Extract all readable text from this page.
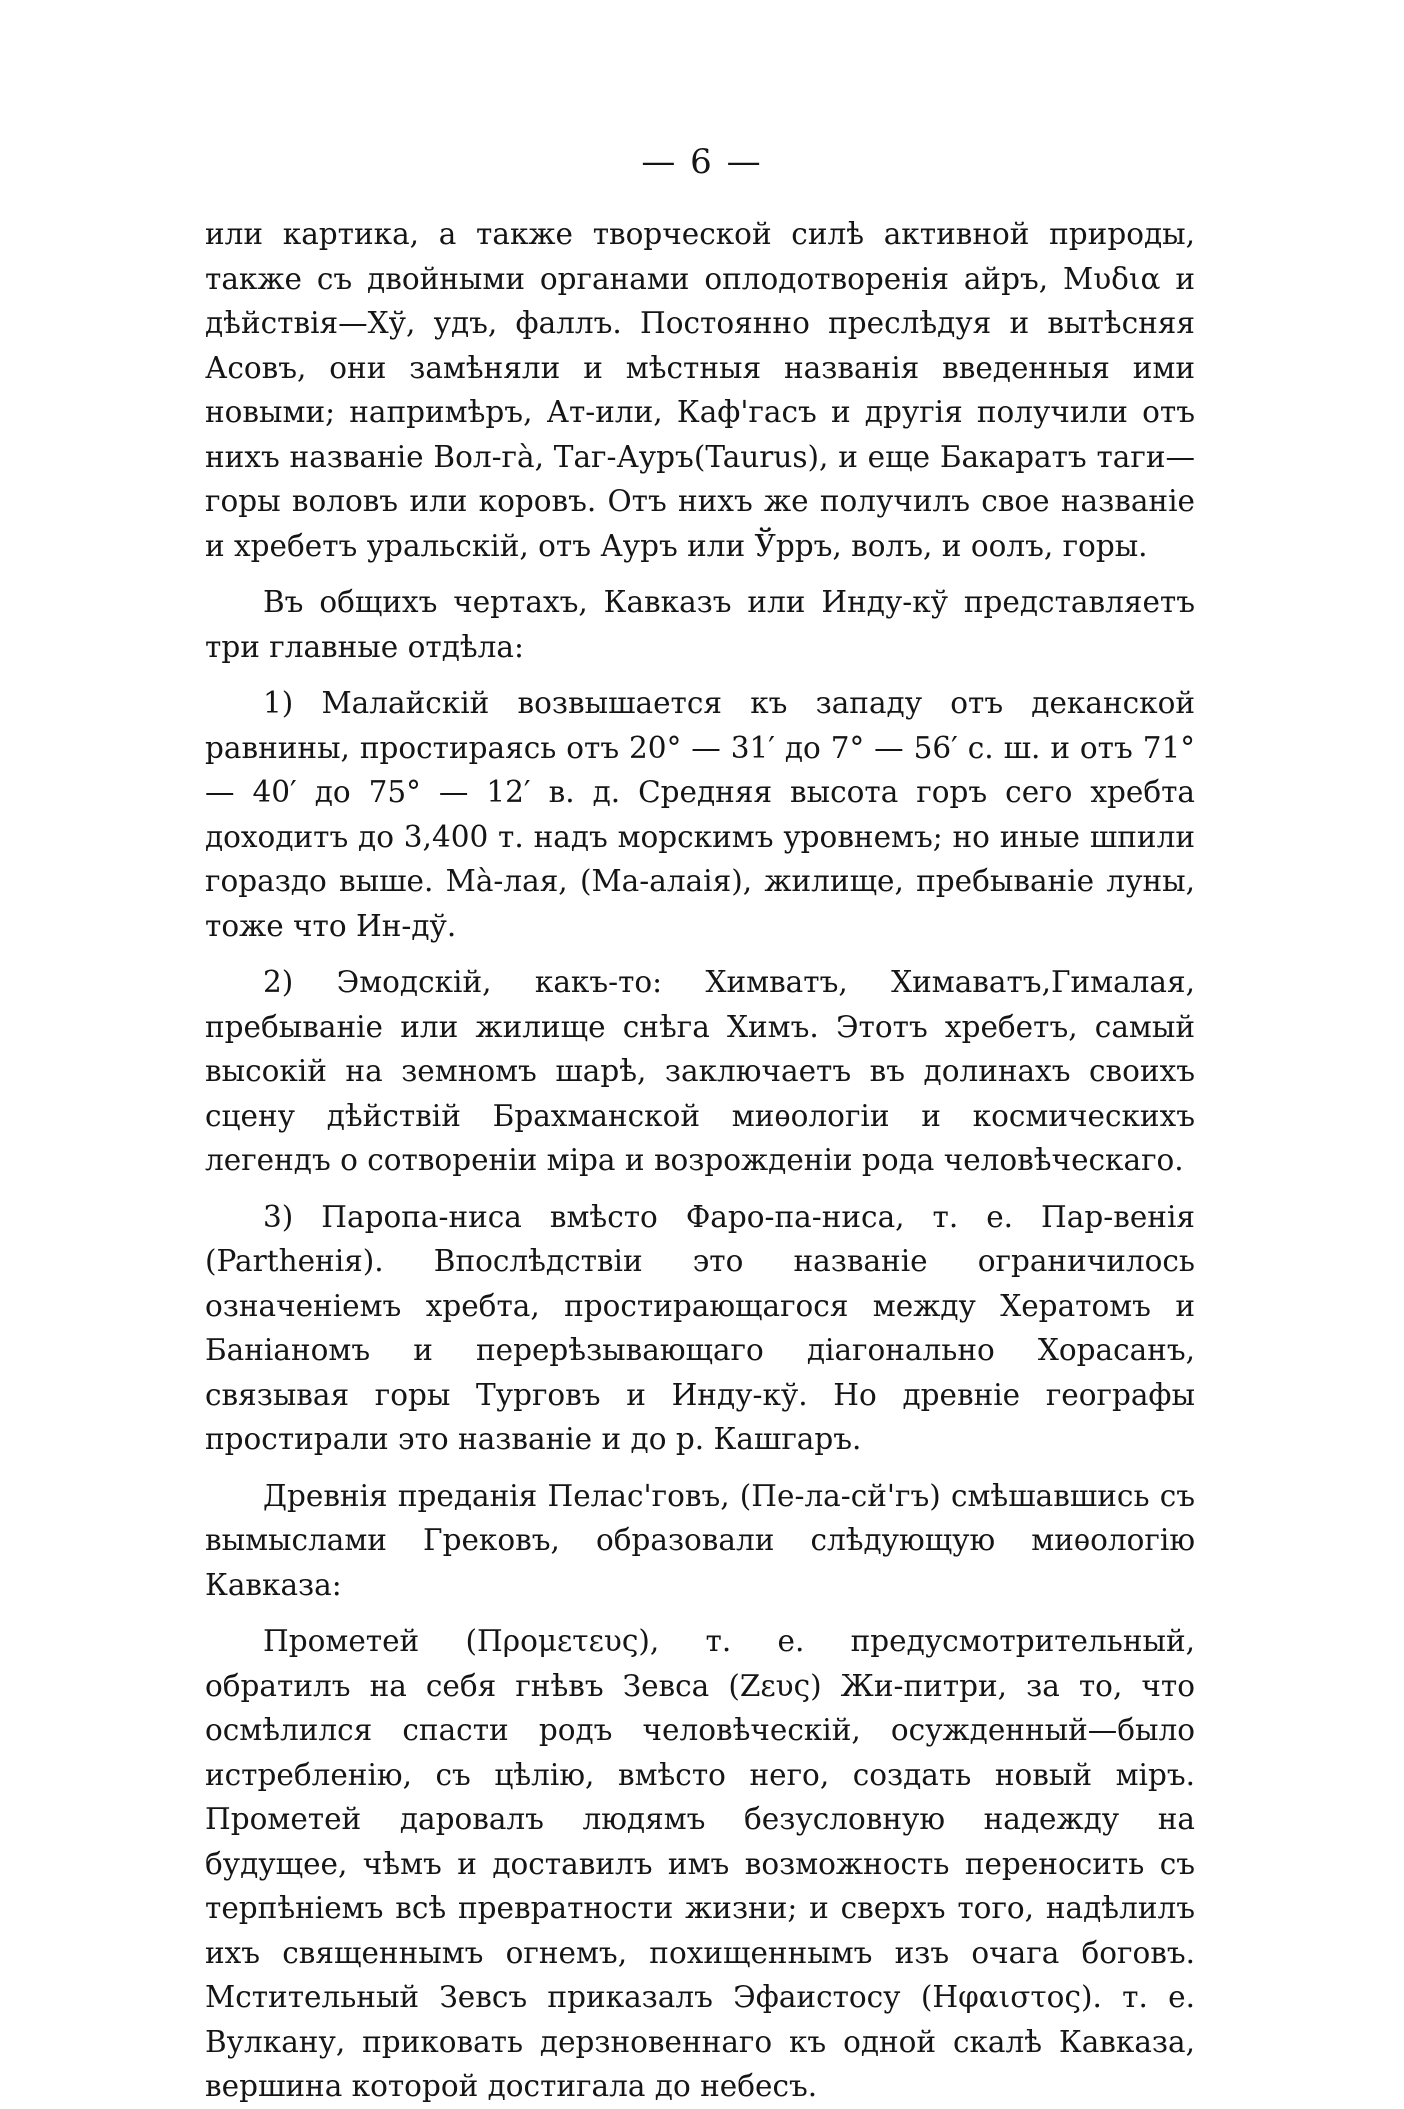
— 6 —

или картика, а также творческой силѣ активной природы, также съ двойными органами оплодотворенія айръ, Мυδια и дѣйствія—Хў, удъ, фаллъ. Постоянно преслѣдуя и вытѣсняя Асовъ, они замѣняли и мѣстныя названія введенныя ими новыми; напримѣръ, Ат-или, Каф'гасъ и другія получили отъ нихъ названіе Вол-гà, Таг-Ауръ(Taurus), и еще Бакаратъ таги—горы воловъ или коровъ. Отъ нихъ же получилъ свое названіе и хребетъ уральскій, отъ Ауръ или Ўрръ, волъ, и оолъ, горы.

Въ общихъ чертахъ, Кавказъ или Инду-кў представляетъ три главные отдѣла:

1) Малайскій возвышается къ западу отъ деканской равнины, простираясь отъ 20° — 31′ до 7° — 56′ с. ш. и отъ 71° — 40′ до 75° — 12′ в. д. Средняя высота горъ сего хребта доходитъ до 3,400 т. надъ морскимъ уровнемъ; но иные шпили гораздо выше. Мà-лая, (Ма-алаія), жилище, пребываніе луны, тоже что Ин-дў.

2) Эмодскій, какъ-то: Химватъ, Химаватъ,Гималая, пребываніе или жилище снѣга Химъ. Этотъ хребетъ, самый высокій на земномъ шарѣ, заключаетъ въ долинахъ своихъ сцену дѣйствій Брахманской миѳологіи и космическихъ легендъ о сотвореніи міра и возрожденіи рода человѣческаго.

3) Паропа-ниса вмѣсто Фаро-па-ниса, т. е. Пар-венія (Partheнія). Впослѣдствіи это названіе ограничилось означеніемъ хребта, простирающагося между Хератомъ и Баніаномъ и перерѣзывающаго діагонально Хорасанъ, связывая горы Турговъ и Инду-кў. Но древніе географы простирали это названіе и до р. Кашгаръ.

Древнія преданія Пелас'говъ, (Пе-ла-сй'гъ) смѣшавшись съ вымыслами Грековъ, образовали слѣдующую миѳологію Кавказа:

Прометей (Προμετευς), т. е. предусмотрительный, обратилъ на себя гнѣвъ Зевса (Ζευς) Жи-питри, за то, что осмѣлился спасти родъ человѣческій, осужденный—было истребленію, съ цѣлію, вмѣсто него, создать новый міръ. Прометей даровалъ людямъ безусловную надежду на будущее, чѣмъ и доставилъ имъ возможность переносить съ терпѣніемъ всѣ превратности жизни; и сверхъ того, надѣлилъ ихъ священнымъ огнемъ, похищеннымъ изъ очага боговъ. Мстительный Зевсъ приказалъ Эфаистосу (Ηφαιστος). т. е. Вулкану, приковать дерзновеннаго къ одной скалѣ Кавказа, вершина которой достигала до небесъ.
